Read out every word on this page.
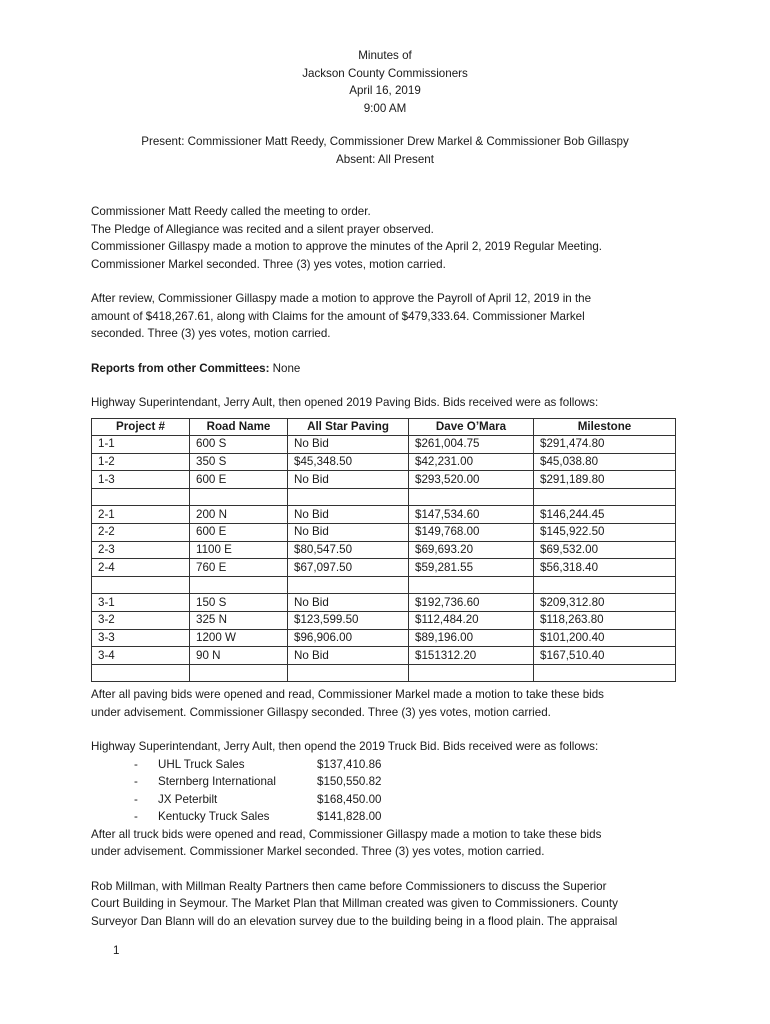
Minutes of
Jackson County Commissioners
April 16, 2019
9:00 AM
Present: Commissioner Matt Reedy, Commissioner Drew Markel & Commissioner Bob Gillaspy
Absent: All Present
Commissioner Matt Reedy called the meeting to order.
The Pledge of Allegiance was recited and a silent prayer observed.
Commissioner Gillaspy made a motion to approve the minutes of the April 2, 2019 Regular Meeting.
Commissioner Markel seconded. Three (3) yes votes, motion carried.
After review, Commissioner Gillaspy made a motion to approve the Payroll of April 12, 2019 in the
amount of $418,267.61, along with Claims for the amount of $479,333.64. Commissioner Markel
seconded. Three (3) yes votes, motion carried.
Reports from other Committees: None
Highway Superintendant, Jerry Ault, then opened 2019 Paving Bids. Bids received were as follows:
Project #	Road Name	All Star Paving	Dave O’Mara	Milestone
1-1	600 S	No Bid	$261,004.75	$291,474.80
1-2	350 S	$45,348.50	$42,231.00	$45,038.80
1-3	600 E	No Bid	$293,520.00	$291,189.80

2-1	200 N	No Bid	$147,534.60	$146,244.45
2-2	600 E	No Bid	$149,768.00	$145,922.50
2-3	1100 E	$80,547.50	$69,693.20	$69,532.00
2-4	760 E	$67,097.50	$59,281.55	$56,318.40

3-1	150 S	No Bid	$192,736.60	$209,312.80
3-2	325 N	$123,599.50	$112,484.20	$118,263.80
3-3	1200 W	$96,906.00	$89,196.00	$101,200.40
3-4	90 N	No Bid	$151312.20	$167,510.40

After all paving bids were opened and read, Commissioner Markel made a motion to take these bids
under advisement. Commissioner Gillaspy seconded. Three (3) yes votes, motion carried.
Highway Superintendant, Jerry Ault, then opend the 2019 Truck Bid. Bids received were as follows:
- UHL Truck Sales	$137,410.86
- Sternberg International	$150,550.82
- JX Peterbilt	$168,450.00
- Kentucky Truck Sales	$141,828.00
After all truck bids were opened and read, Commissioner Gillaspy made a motion to take these bids
under advisement. Commissioner Markel seconded. Three (3) yes votes, motion carried.
Rob Millman, with Millman Realty Partners then came before Commissioners to discuss the Superior
Court Building in Seymour. The Market Plan that Millman created was given to Commissioners. County
Surveyor Dan Blann will do an elevation survey due to the building being in a flood plain. The appraisal
1
